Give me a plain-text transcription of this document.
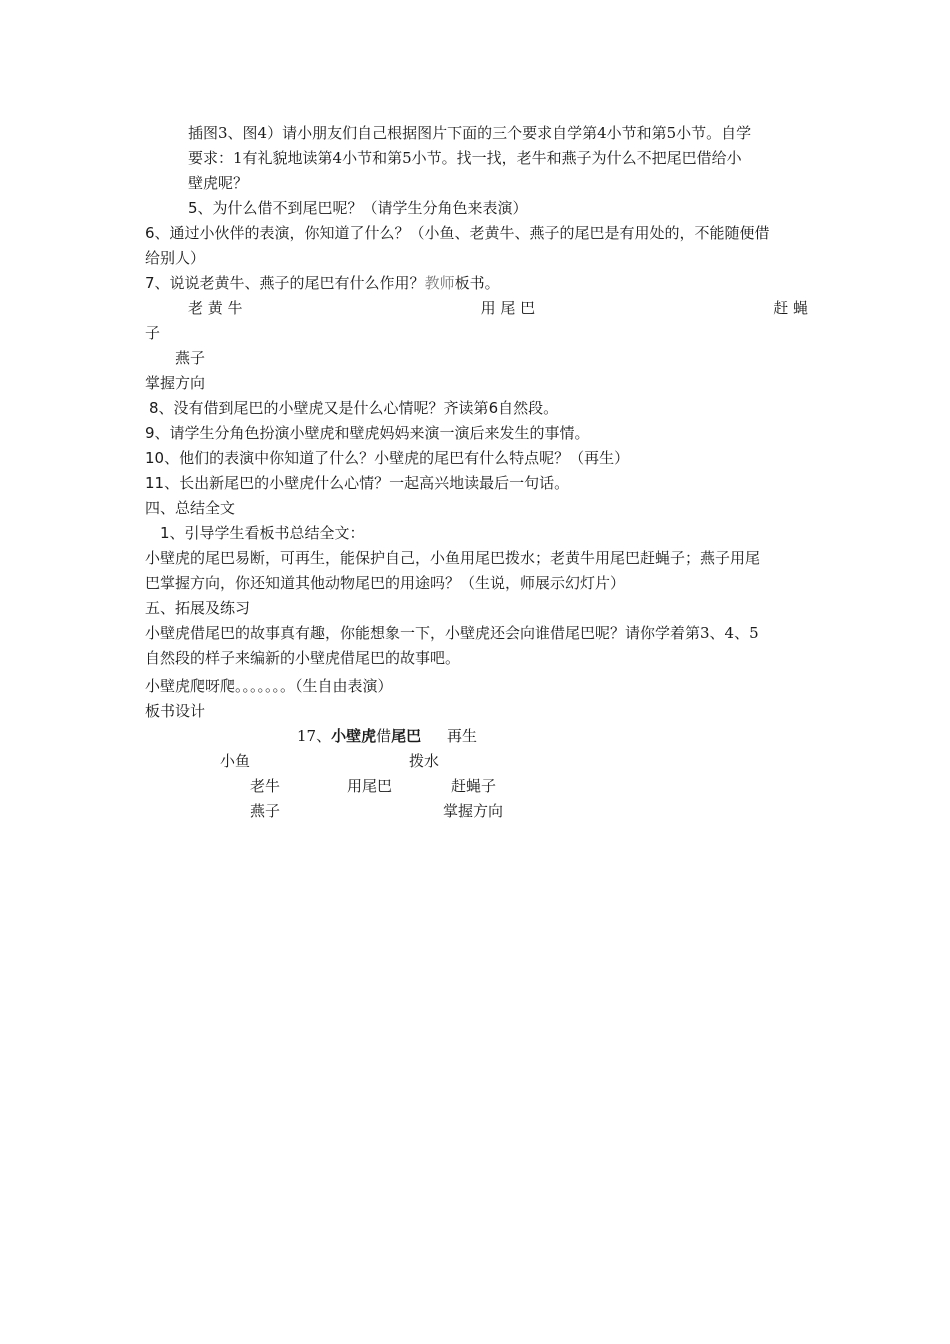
插图3、图4）请小朋友们自己根据图片下面的三个要求自学第4小节和第5小节。自学
要求：1有礼貌地读第4小节和第5小节。找一找，老牛和燕子为什么不把尾巴借给小
壁虎呢？
5、为什么借不到尾巴呢？（请学生分角色来表演）
6、通过小伙伴的表演，你知道了什么？（小鱼、老黄牛、燕子的尾巴是有用处的，不能随便借
给别人）
7、说说老黄牛、燕子的尾巴有什么作用？教师板书。
老 黄 牛	用 尾 巴	赶 蝇
子
燕子
掌握方向
8、没有借到尾巴的小壁虎又是什么心情呢？齐读第6自然段。
9、请学生分角色扮演小壁虎和壁虎妈妈来演一演后来发生的事情。
10、他们的表演中你知道了什么？小壁虎的尾巴有什么特点呢？（再生）
11、长出新尾巴的小壁虎什么心情？一起高兴地读最后一句话。
四、总结全文
1、引导学生看板书总结全文：
小壁虎的尾巴易断，可再生，能保护自己，小鱼用尾巴拨水；老黄牛用尾巴赶蝇子；燕子用尾
巴掌握方向，你还知道其他动物尾巴的用途吗？（生说，师展示幻灯片）
五、拓展及练习
小壁虎借尾巴的故事真有趣，你能想象一下，小壁虎还会向谁借尾巴呢？请你学着第3、4、5
自然段的样子来编新的小壁虎借尾巴的故事吧。
小壁虎爬呀爬。。。。。。。（生自由表演）
板书设计
17、小壁虎借尾巴 再生
小鱼	拨水
老牛	用尾巴	赶蝇子
燕子	掌握方向
